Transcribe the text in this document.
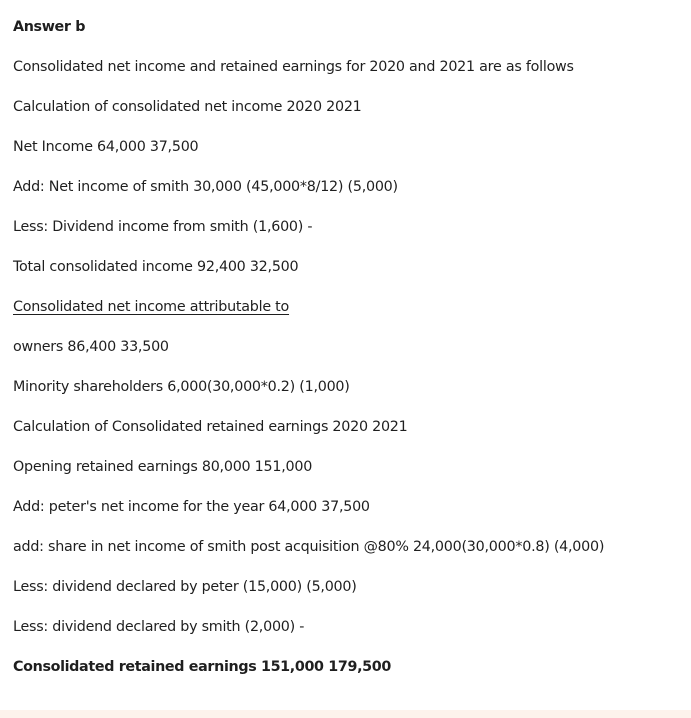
Answer b
Consolidated net income and retained earnings for 2020 and 2021 are as follows
Calculation of consolidated net income 2020 2021
Net Income 64,000 37,500
Add: Net income of smith 30,000 (45,000*8/12) (5,000)
Less: Dividend income from smith (1,600) -
Total consolidated income 92,400 32,500
Consolidated net income attributable to
owners 86,400 33,500
Minority shareholders 6,000(30,000*0.2) (1,000)
Calculation of Consolidated retained earnings 2020 2021
Opening retained earnings 80,000 151,000
Add: peter's net income for the year 64,000 37,500
add: share in net income of smith post acquisition @80% 24,000(30,000*0.8) (4,000)
Less: dividend declared by peter (15,000) (5,000)
Less: dividend declared by smith (2,000) -
Consolidated retained earnings 151,000 179,500
